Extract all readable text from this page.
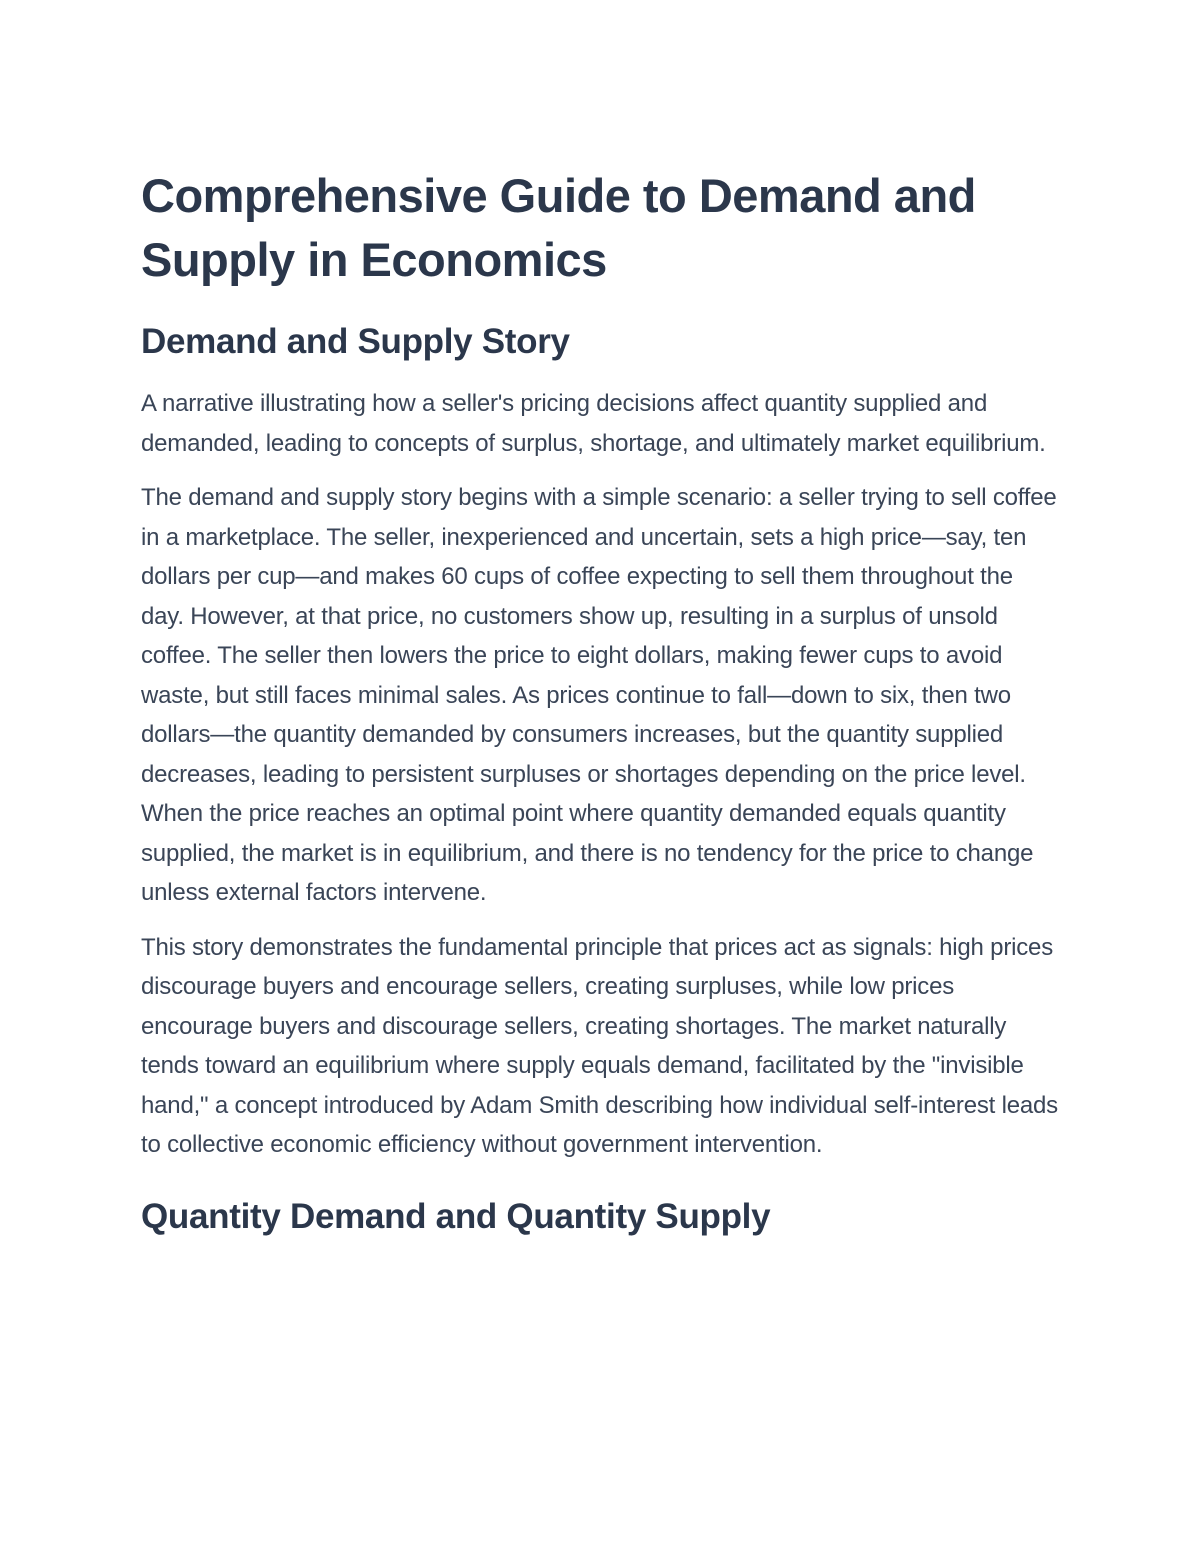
Comprehensive Guide to Demand and Supply in Economics
Demand and Supply Story

A narrative illustrating how a seller's pricing decisions affect quantity supplied and demanded, leading to concepts of surplus, shortage, and ultimately market equilibrium.

The demand and supply story begins with a simple scenario: a seller trying to sell coffee in a marketplace. The seller, inexperienced and uncertain, sets a high price—say, ten dollars per cup—and makes 60 cups of coffee expecting to sell them throughout the day. However, at that price, no customers show up, resulting in a surplus of unsold coffee. The seller then lowers the price to eight dollars, making fewer cups to avoid waste, but still faces minimal sales. As prices continue to fall—down to six, then two dollars—the quantity demanded by consumers increases, but the quantity supplied decreases, leading to persistent surpluses or shortages depending on the price level. When the price reaches an optimal point where quantity demanded equals quantity supplied, the market is in equilibrium, and there is no tendency for the price to change unless external factors intervene.

This story demonstrates the fundamental principle that prices act as signals: high prices discourage buyers and encourage sellers, creating surpluses, while low prices encourage buyers and discourage sellers, creating shortages. The market naturally tends toward an equilibrium where supply equals demand, facilitated by the "invisible hand," a concept introduced by Adam Smith describing how individual self-interest leads to collective economic efficiency without government intervention.

Quantity Demand and Quantity Supply
